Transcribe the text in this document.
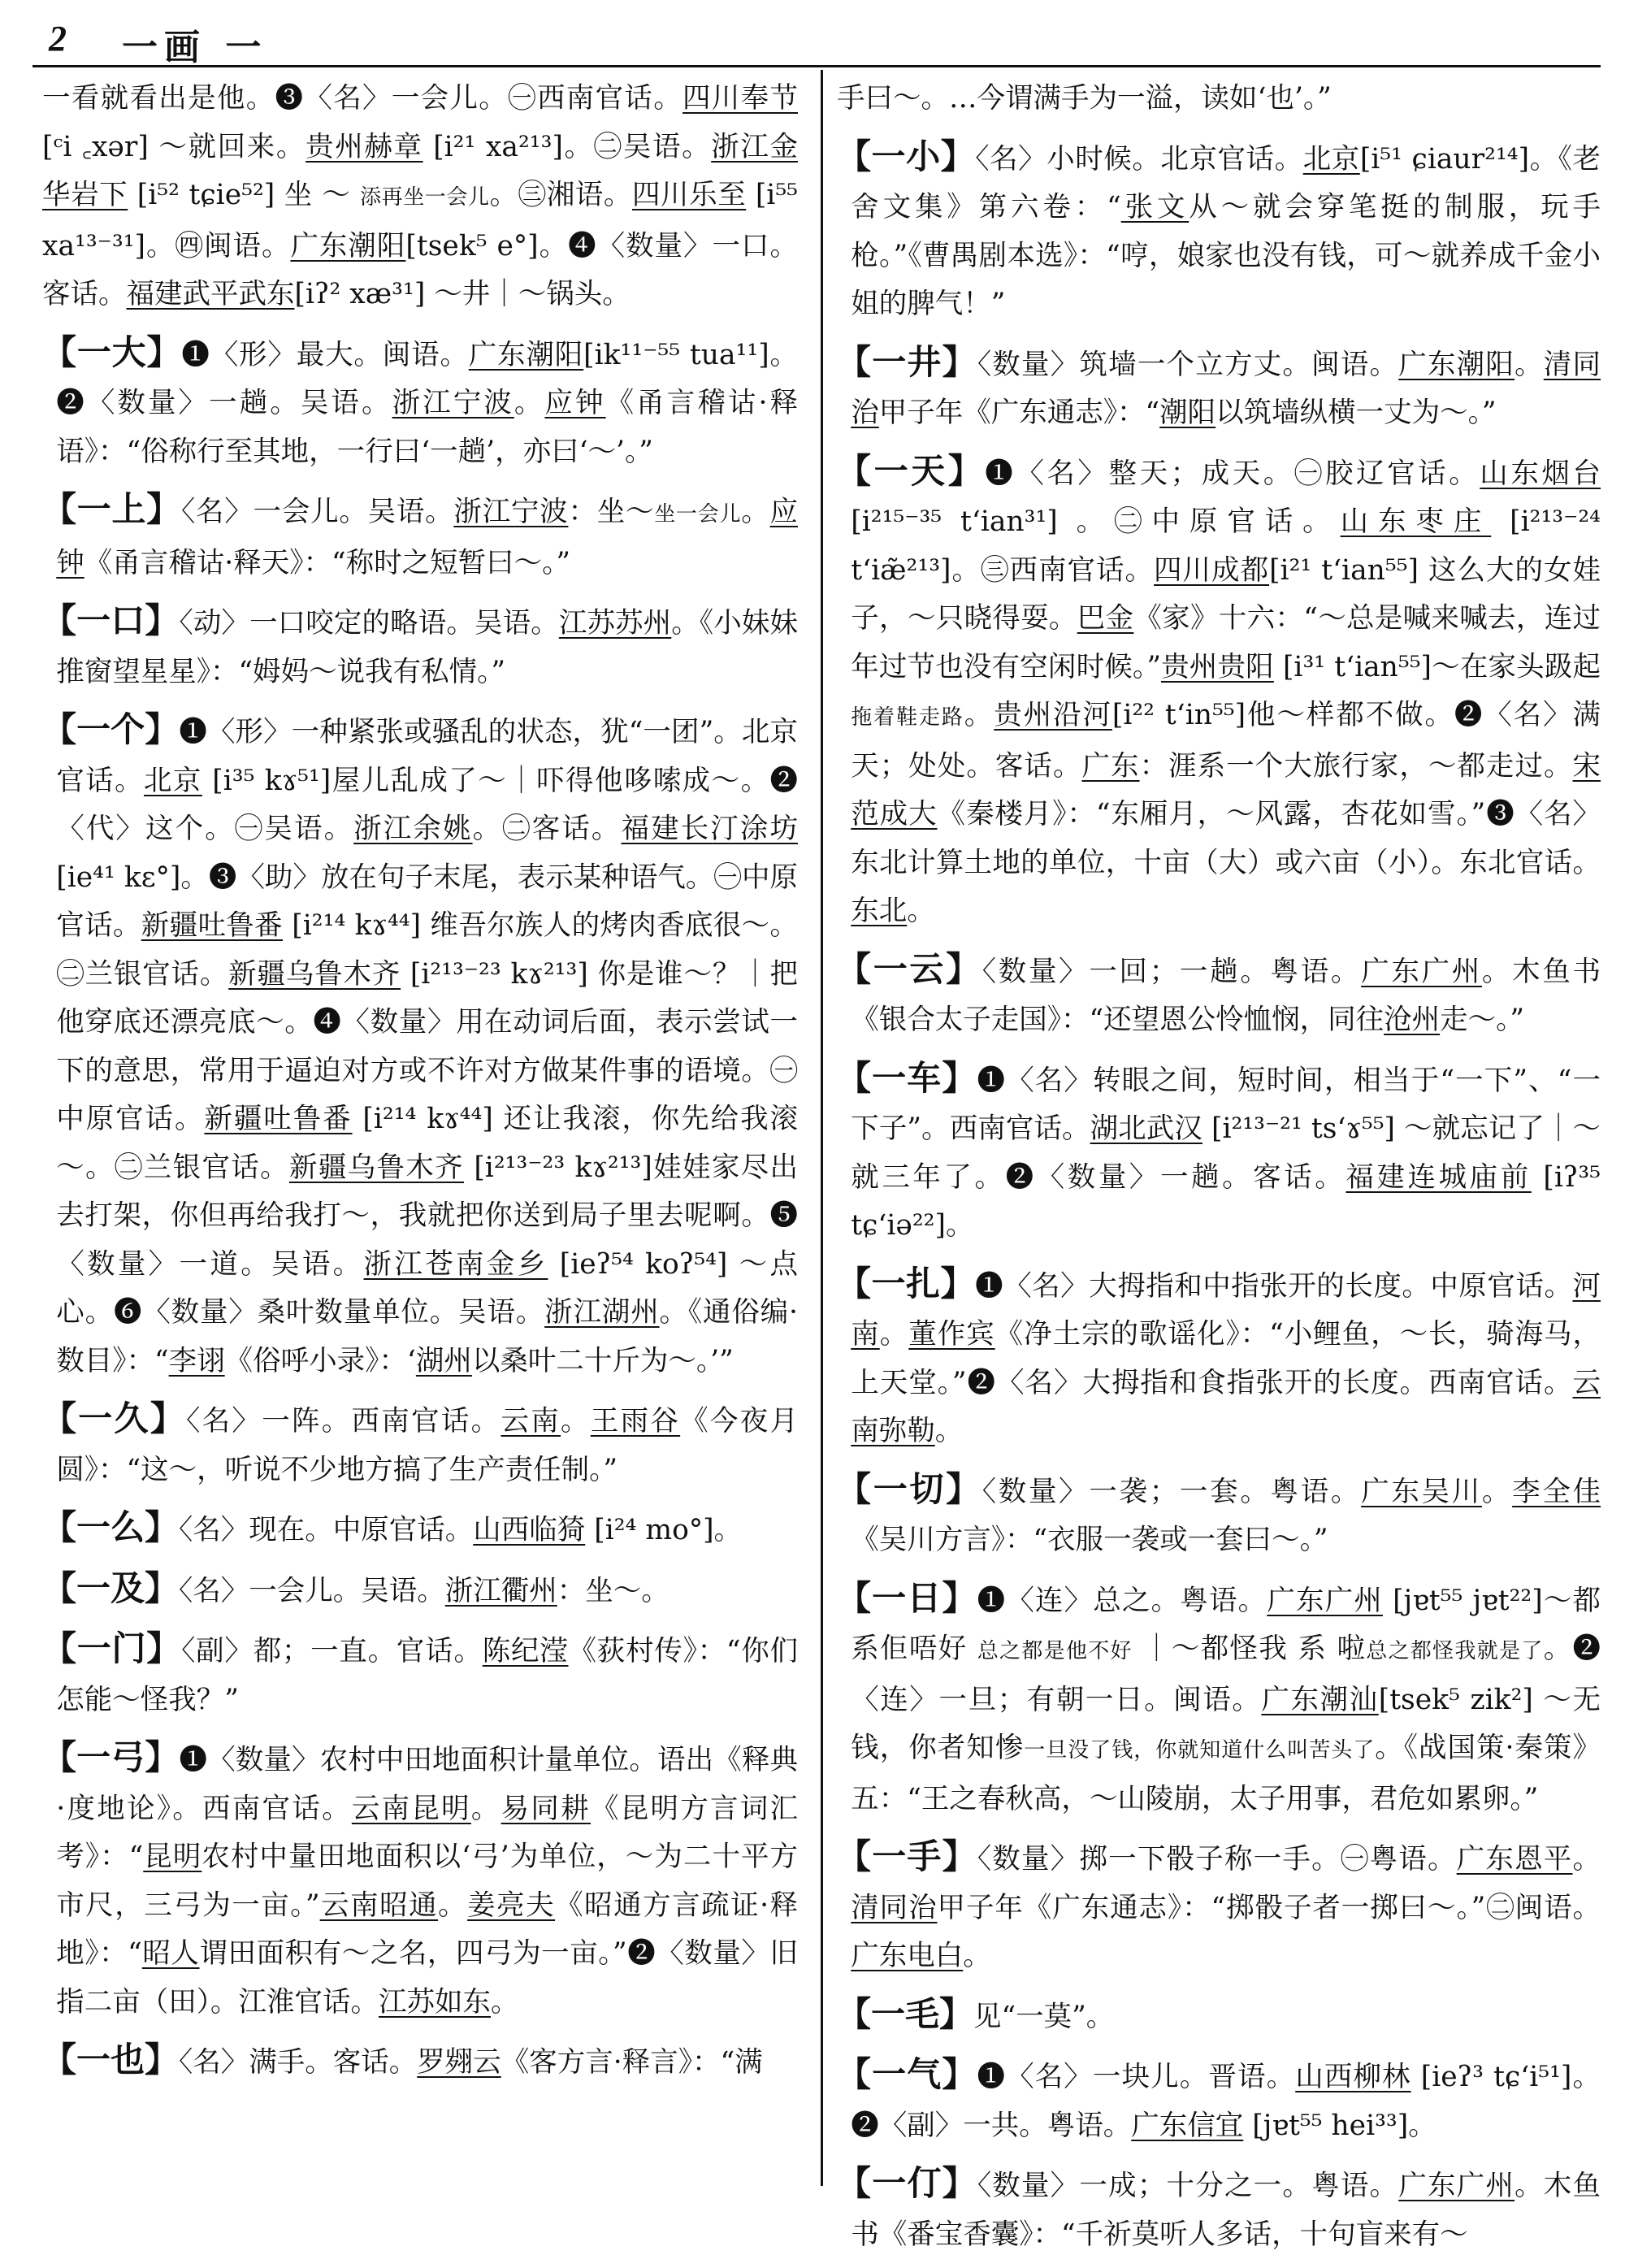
2 一画 一
一看就看出是他。❸〈名〉一会儿。㊀西南官话。四川奉节[ᶜi ꜀xər] ～就回来。贵州赫章 [i²¹ xa²¹³]。㊁吴语。浙江金华岩下 [i⁵² tɕie⁵²] 坐 ～ 添再坐一会儿。㊂湘语。四川乐至 [i⁵⁵ xa¹³⁻³¹]。㊃闽语。广东潮阳[tsek⁵ e°]。❹〈数量〉一口。客话。福建武平武东[iʔ² xæ³¹] ～井｜～锅头。
【一大】❶〈形〉最大。闽语。广东潮阳[ik¹¹⁻⁵⁵ tua¹¹]。❷〈数量〉一趟。吴语。浙江宁波。应钟《甬言稽诂·释语》：“俗称行至其地，一行曰‘一趟’，亦曰‘～’。”
【一上】〈名〉一会儿。吴语。浙江宁波：坐～坐一会儿。应钟《甬言稽诂·释天》：“称时之短暂曰～。”
【一口】〈动〉一口咬定的略语。吴语。江苏苏州。《小妹妹推窗望星星》：“姆妈～说我有私情。”
【一个】❶〈形〉一种紧张或骚乱的状态，犹“一团”。北京官话。北京 [i³⁵ kɤ⁵¹]屋儿乱成了～｜吓得他哆嗦成～。❷〈代〉这个。㊀吴语。浙江余姚。㊁客话。福建长汀涂坊 [ie⁴¹ kɛ°]。❸〈助〉放在句子末尾，表示某种语气。㊀中原官话。新疆吐鲁番 [i²¹⁴ kɤ⁴⁴] 维吾尔族人的烤肉香底很～。㊁兰银官话。新疆乌鲁木齐 [i²¹³⁻²³ kɤ²¹³] 你是谁～？｜把他穿底还漂亮底～。❹〈数量〉用在动词后面，表示尝试一下的意思，常用于逼迫对方或不许对方做某件事的语境。㊀中原官话。新疆吐鲁番 [i²¹⁴ kɤ⁴⁴] 还让我滚，你先给我滚～。㊁兰银官话。新疆乌鲁木齐 [i²¹³⁻²³ kɤ²¹³]娃娃家尽出去打架，你但再给我打～，我就把你送到局子里去呢啊。❺〈数量〉一道。吴语。浙江苍南金乡 [ieʔ⁵⁴ koʔ⁵⁴] ～点心。❻〈数量〉桑叶数量单位。吴语。浙江湖州。《通俗编·数目》：“李诩《俗呼小录》：‘湖州以桑叶二十斤为～。’”
【一久】〈名〉一阵。西南官话。云南。王雨谷《今夜月圆》：“这～，听说不少地方搞了生产责任制。”
【一么】〈名〉现在。中原官话。山西临猗 [i²⁴ mo°]。
【一及】〈名〉一会儿。吴语。浙江衢州：坐～。
【一门】〈副〉都；一直。官话。陈纪滢《荻村传》：“你们怎能～怪我？”
【一弓】❶〈数量〉农村中田地面积计量单位。语出《释典·度地论》。西南官话。云南昆明。易同耕《昆明方言词汇考》：“昆明农村中量田地面积以‘弓’为单位，～为二十平方市尺，三弓为一亩。”云南昭通。姜亮夫《昭通方言疏证·释地》：“昭人谓田面积有～之名，四弓为一亩。”❷〈数量〉旧指二亩（田）。江淮官话。江苏如东。
【一也】〈名〉满手。客话。罗翙云《客方言·释言》：“满
手曰～。…今谓满手为一溢，读如‘也’。”
【一小】〈名〉小时候。北京官话。北京[i⁵¹ ɕiaur²¹⁴]。《老舍文集》第六卷：“张文从～就会穿笔挺的制服，玩手枪。”《曹禺剧本选》：“哼，娘家也没有钱，可～就养成千金小姐的脾气！”
【一井】〈数量〉筑墙一个立方丈。闽语。广东潮阳。清同治甲子年《广东通志》：“潮阳以筑墙纵横一丈为～。”
【一天】❶〈名〉整天；成天。㊀胶辽官话。山东烟台 [i²¹⁵⁻³⁵ tʻian³¹] 。㊁中原官话。山东枣庄 [i²¹³⁻²⁴ tʻiæ̃²¹³]。㊂西南官话。四川成都[i²¹ tʻian⁵⁵] 这么大的女娃子，～只晓得耍。巴金《家》十六：“～总是喊来喊去，连过年过节也没有空闲时候。”贵州贵阳 [i³¹ tʻian⁵⁵]～在家头趿起拖着鞋走路。贵州沿河[i²² tʻin⁵⁵]他～样都不做。❷〈名〉满天；处处。客话。广东：涯系一个大旅行家，～都走过。宋范成大《秦楼月》：“东厢月，～风露，杏花如雪。”❸〈名〉东北计算土地的单位，十亩（大）或六亩（小）。东北官话。东北。
【一云】〈数量〉一回；一趟。粤语。广东广州。木鱼书《银合太子走国》：“还望恩公怜恤悯，同往沧州走～。”
【一车】❶〈名〉转眼之间，短时间，相当于“一下”、“一下子”。西南官话。湖北武汉 [i²¹³⁻²¹ tsʻɤ⁵⁵] ～就忘记了｜～就三年了。❷〈数量〉一趟。客话。福建连城庙前 [iʔ³⁵ tɕʻiə²²]。
【一扎】❶〈名〉大拇指和中指张开的长度。中原官话。河南。董作宾《净土宗的歌谣化》：“小鲤鱼，～长，骑海马，上天堂。”❷〈名〉大拇指和食指张开的长度。西南官话。云南弥勒。
【一切】〈数量〉一袭；一套。粤语。广东吴川。李全佳《吴川方言》：“衣服一袭或一套曰～。”
【一日】❶〈连〉总之。粤语。广东广州 [jɐt⁵⁵ jɐt²²]～都系佢唔好 总之都是他不好 ｜～都怪我 系 啦总之都怪我就是了。❷〈连〉一旦；有朝一日。闽语。广东潮汕[tsek⁵ zik²] ～无钱，你者知惨一旦没了钱，你就知道什么叫苦头了。《战国策·秦策》五：“王之春秋高，～山陵崩，太子用事，君危如累卵。”
【一手】〈数量〉掷一下骰子称一手。㊀粤语。广东恩平。清同治甲子年《广东通志》：“掷骰子者一掷曰～。”㊁闽语。广东电白。
【一毛】见“一莫”。
【一气】❶〈名〉一块儿。晋语。山西柳林 [ieʔ³ tɕʻi⁵¹]。❷〈副〉一共。粤语。广东信宜 [jɐt⁵⁵ hei³³]。
【一仃】〈数量〉一成；十分之一。粤语。广东广州。木鱼书《番宝香囊》：“千祈莫听人多话，十句盲来有～
